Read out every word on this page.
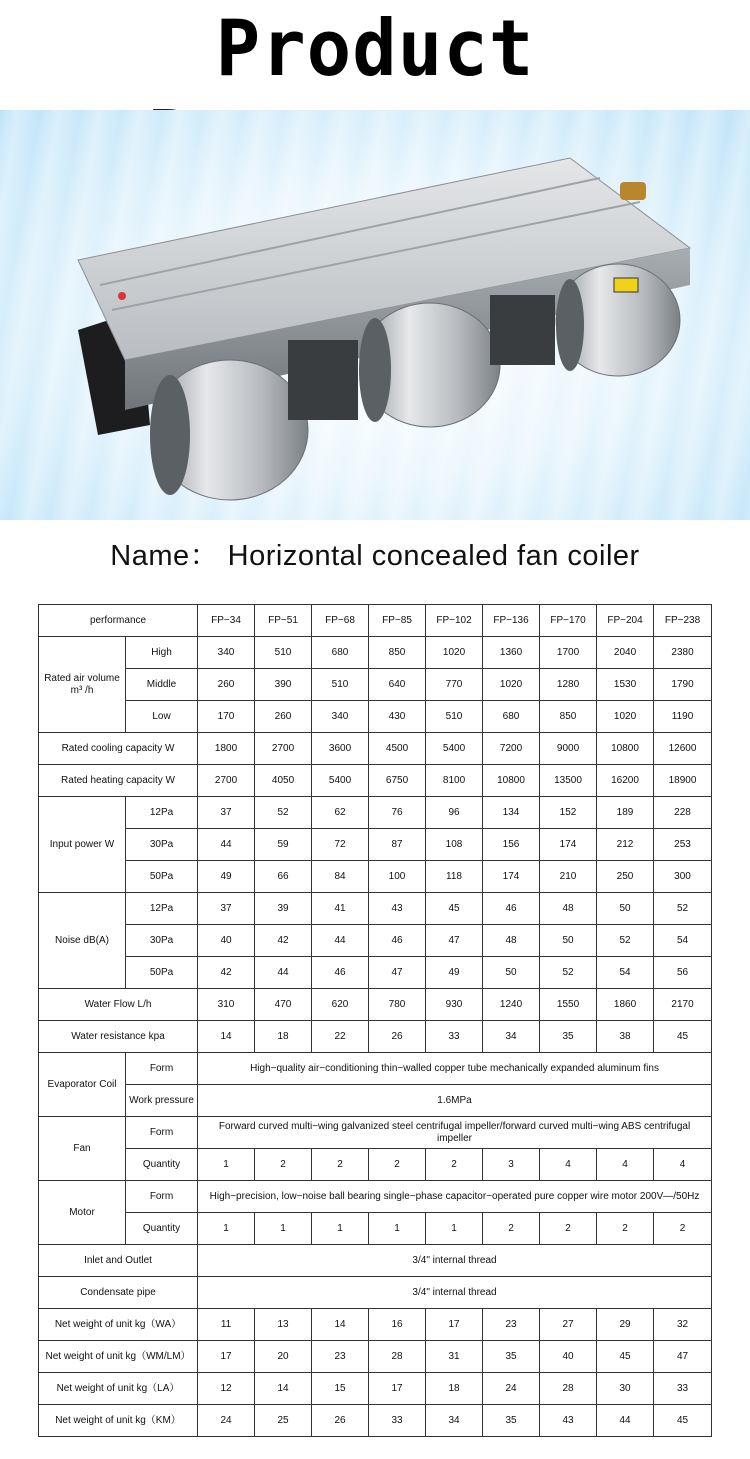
Product
Name： Horizontal concealed fan coiler
performance		FP−34	FP−51	FP−68	FP−85	FP−102	FP−136	FP−170	FP−204	FP−238
Rated air volume m³ /h	High	340	510	680	850	1020	1360	1700	2040	2380
	Middle	260	390	510	640	770	1020	1280	1530	1790
	Low	170	260	340	430	510	680	850	1020	1190
Rated cooling capacity W		1800	2700	3600	4500	5400	7200	9000	10800	12600
Rated heating capacity W		2700	4050	5400	6750	8100	10800	13500	16200	18900
Input power W	12Pa	37	52	62	76	96	134	152	189	228
	30Pa	44	59	72	87	108	156	174	212	253
	50Pa	49	66	84	100	118	174	210	250	300
Noise dB(A)	12Pa	37	39	41	43	45	46	48	50	52
	30Pa	40	42	44	46	47	48	50	52	54
	50Pa	42	44	46	47	49	50	52	54	56
Water Flow L/h		310	470	620	780	930	1240	1550	1860	2170
Water resistance kpa		14	18	22	26	33	34	35	38	45
Evaporator Coil	Form	High−quality air−conditioning thin−walled copper tube mechanically expanded aluminum fins								
	Work pressure	1.6MPa								
Fan	Form	Forward curved multi−wing galvanized steel centrifugal impeller/forward curved multi−wing ABS centrifugal impeller								
	Quantity	1	2	2	2	2	3	4	4	4
Motor	Form	High−precision, low−noise ball bearing single−phase capacitor−operated pure copper wire motor 200V—/50Hz								
	Quantity	1	1	1	1	1	2	2	2	2
Inlet and Outlet		3/4" internal thread								
Condensate pipe		3/4" internal thread								
Net weight of unit kg（WA）		11	13	14	16	17	23	27	29	32
Net weight of unit kg（WM/LM）		17	20	23	28	31	35	40	45	47
Net weight of unit kg（LA）		12	14	15	17	18	24	28	30	33
Net weight of unit kg（KM）		24	25	26	33	34	35	43	44	45
